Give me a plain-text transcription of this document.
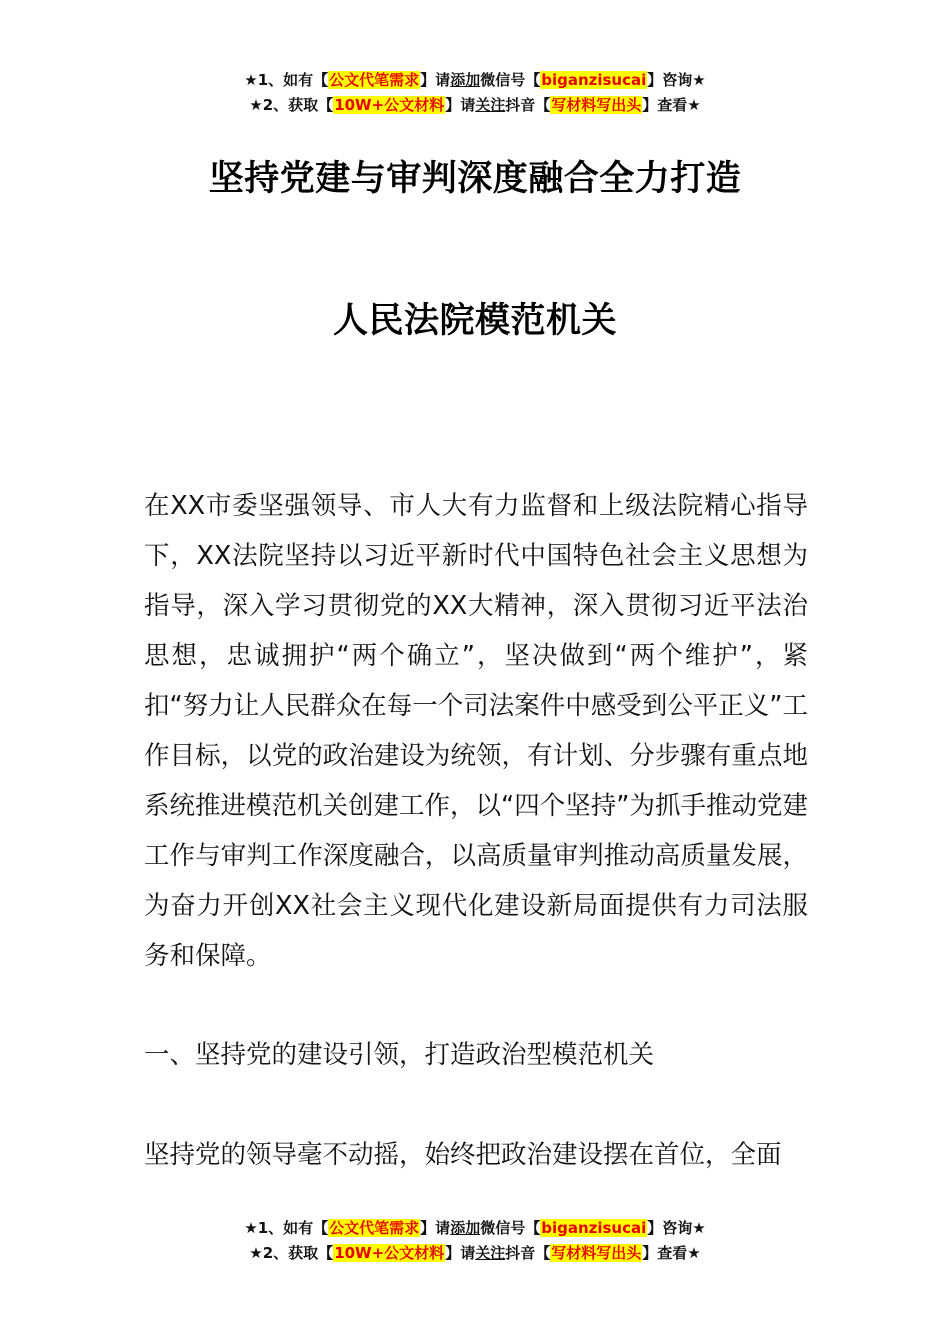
★1、如有【公文代笔需求】请添加微信号【biganzisucai】咨询★
★2、获取【10W+公文材料】请关注抖音【写材料写出头】查看★
坚持党建与审判深度融合全力打造
人民法院模范机关
在XX市委坚强领导、市人大有力监督和上级法院精心指导下，XX法院坚持以习近平新时代中国特色社会主义思想为指导，深入学习贯彻党的XX大精神，深入贯彻习近平法治思想，忠诚拥护“两个确立”，坚决做到“两个维护”，紧扣“努力让人民群众在每一个司法案件中感受到公平正义”工作目标，以党的政治建设为统领，有计划、分步骤有重点地系统推进模范机关创建工作，以“四个坚持”为抓手推动党建工作与审判工作深度融合，以高质量审判推动高质量发展，为奋力开创XX社会主义现代化建设新局面提供有力司法服务和保障。
一、坚持党的建设引领，打造政治型模范机关
坚持党的领导毫不动摇，始终把政治建设摆在首位，全面
★1、如有【公文代笔需求】请添加微信号【biganzisucai】咨询★
★2、获取【10W+公文材料】请关注抖音【写材料写出头】查看★
